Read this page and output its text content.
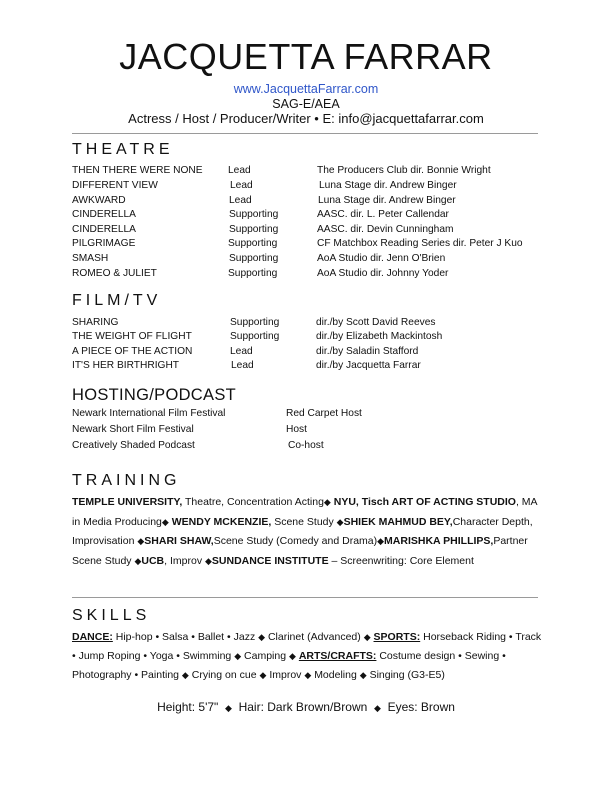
JACQUETTA FARRAR
www.JacquettaFarrar.com
SAG-E/AEA
Actress / Host / Producer/Writer • E: info@jacquettafarrar.com
THEATRE
THEN THERE WERE NONE Lead	The Producers Club dir. Bonnie Wright
DIFFERENT VIEW	Lead	Luna Stage dir. Andrew Binger
AWKWARD	Lead	Luna Stage dir. Andrew Binger
CINDERELLA	Supporting	AASC. dir. L. Peter Callendar
CINDERELLA	Supporting	AASC. dir. Devin Cunningham
PILGRIMAGE	Supporting	CF Matchbox Reading Series dir. Peter J Kuo
SMASH	Supporting	AoA Studio dir. Jenn O'Brien
ROMEO & JULIET	Supporting	AoA Studio dir. Johnny Yoder
FILM/TV
SHARING	Supporting	dir./by Scott David Reeves
THE WEIGHT OF FLIGHT	Supporting	dir./by Elizabeth Mackintosh
A PIECE OF THE ACTION	Lead	dir./by Saladin Stafford
IT'S HER BIRTHRIGHT	Lead	dir./by Jacquetta Farrar
HOSTING/PODCAST
Newark International Film Festival	Red Carpet Host
Newark Short Film Festival	Host
Creatively Shaded Podcast	Co-host
TRAINING
TEMPLE UNIVERSITY, Theatre, Concentration Acting◆ NYU, Tisch ART OF ACTING STUDIO, MA in Media Producing◆ WENDY MCKENZIE, Scene Study ◆SHIEK MAHMUD BEY,Character Depth, Improvisation ◆SHARI SHAW,Scene Study (Comedy and Drama)◆MARISHKA PHILLIPS,Partner Scene Study ◆UCB, Improv ◆SUNDANCE INSTITUTE – Screenwriting: Core Element
SKILLS
DANCE: Hip-hop • Salsa • Ballet • Jazz ◆ Clarinet (Advanced) ◆ SPORTS: Horseback Riding • Track • Jump Roping • Yoga • Swimming ◆ Camping ◆ ARTS/CRAFTS: Costume design • Sewing • Photography • Painting ◆ Crying on cue ◆ Improv ◆ Modeling ◆ Singing (G3-E5)
Height: 5'7" ◆ Hair: Dark Brown/Brown ◆ Eyes: Brown
